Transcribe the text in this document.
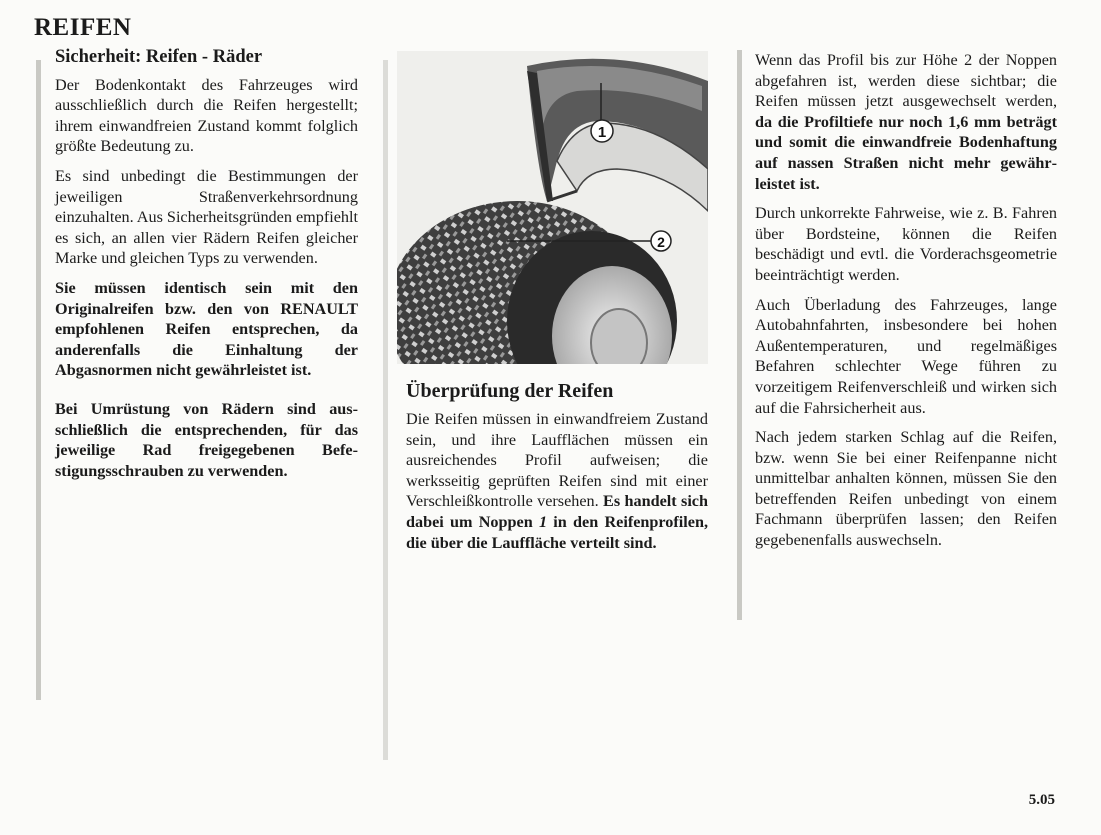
REIFEN
Sicherheit: Reifen - Räder

Der Bodenkontakt des Fahrzeuges wird ausschließlich durch die Reifen hergestellt; ihrem einwandfreien Zustand kommt folglich größte Bedeutung zu.

Es sind unbedingt die Bestimmungen der jeweiligen Straßenverkehrsordnung einzuhalten. Aus Sicherheitsgründen empfiehlt es sich, an allen vier Rädern Reifen gleicher Marke und gleichen Typs zu verwenden.

Sie müssen identisch sein mit den Originalreifen bzw. den von RENAULT empfohlenen Reifen entsprechen, da anderenfalls die Einhaltung der Abgasnormen nicht gewährleistet ist.

Bei Umrüstung von Rädern sind ausschließlich die entsprechenden, für das jeweilige Rad freigegebenen Befestigungsschrauben zu verwenden.

1
2
Überprüfung der Reifen

Die Reifen müssen in einwandfreiem Zustand sein, und ihre Laufflächen müssen ein ausreichendes Profil aufweisen; die werksseitig geprüften Reifen sind mit einer Verschleißkontrolle versehen. Es handelt sich dabei um Noppen 1 in den Reifenprofilen, die über die Lauffläche verteilt sind.

Wenn das Profil bis zur Höhe 2 der Noppen abgefahren ist, werden diese sichtbar; die Reifen müssen jetzt ausgewechselt werden, da die Profiltiefe nur noch 1,6 mm beträgt und somit die einwandfreie Bodenhaftung auf nassen Straßen nicht mehr gewährleistet ist.

Durch unkorrekte Fahrweise, wie z. B. Fahren über Bordsteine, können die Reifen beschädigt und evtl. die Vorderachsgeometrie beeinträchtigt werden.

Auch Überladung des Fahrzeuges, lange Autobahnfahrten, insbesondere bei hohen Außentemperaturen, und regelmäßiges Befahren schlechter Wege führen zu vorzeitigem Reifenverschleiß und wirken sich auf die Fahrsicherheit aus.

Nach jedem starken Schlag auf die Reifen, bzw. wenn Sie bei einer Reifenpanne nicht unmittelbar anhalten können, müssen Sie den betreffenden Reifen unbedingt von einem Fachmann überprüfen lassen; den Reifen gegebenenfalls auswechseln.

5.05
